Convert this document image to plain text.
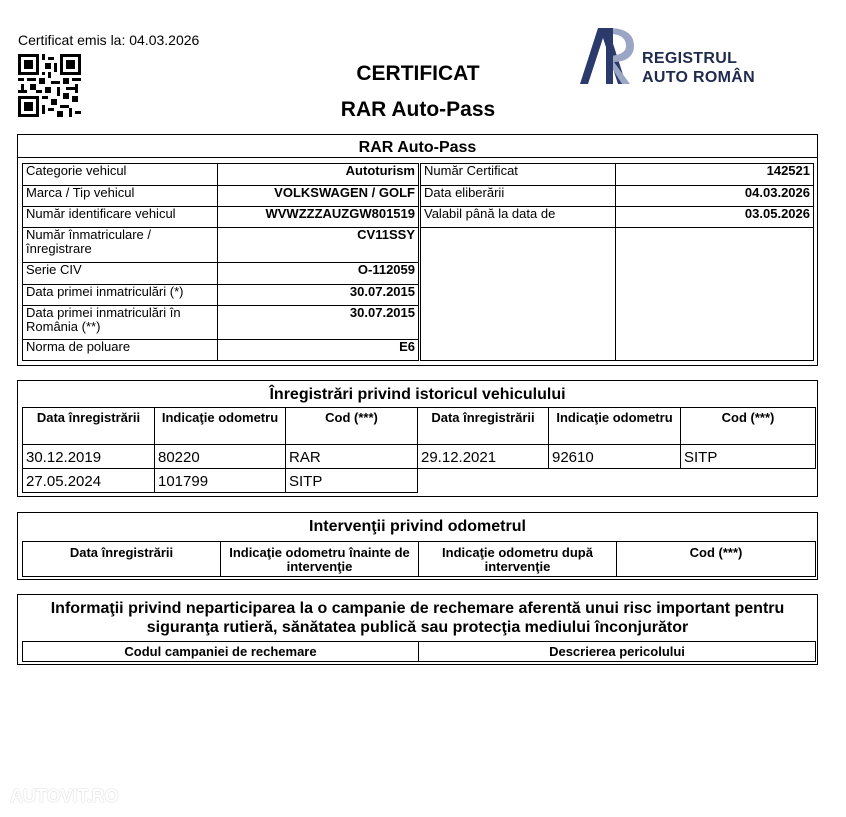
Certificat emis la: 04.03.2026
CERTIFICAT
RAR Auto-Pass
REGISTRUL
AUTO ROMÂN
RAR Auto-Pass
Categorie vehicul	Autoturism
Marca / Tip vehicul	VOLKSWAGEN / GOLF
Număr identificare vehicul	WVWZZZAUZGW801519
Număr înmatriculare / înregistrare	CV11SSY
Serie CIV	O-112059
Data primei inmatriculări (*)	30.07.2015
Data primei inmatriculări în România (**)	30.07.2015
Norma de poluare	E6
Număr Certificat	142521
Data eliberării	04.03.2026
Valabil până la data de	03.05.2026

Înregistrări privind istoricul vehiculului
Data înregistrării	Indicaţie odometru	Cod (***)	Data înregistrării	Indicaţie odometru	Cod (***)
30.12.2019	80220	RAR	29.12.2021	92610	SITP
27.05.2024	101799	SITP			
Intervenţii privind odometrul
Data înregistrării	Indicaţie odometru înainte de intervenţie	Indicaţie odometru după intervenţie	Cod (***)
Informaţii privind neparticiparea la o campanie de rechemare aferentă unui risc important pentru siguranţa rutieră, sănătatea publică sau protecţia mediului înconjurător
Codul campaniei de rechemare	Descrierea pericolului
AUTOVIT.RO
